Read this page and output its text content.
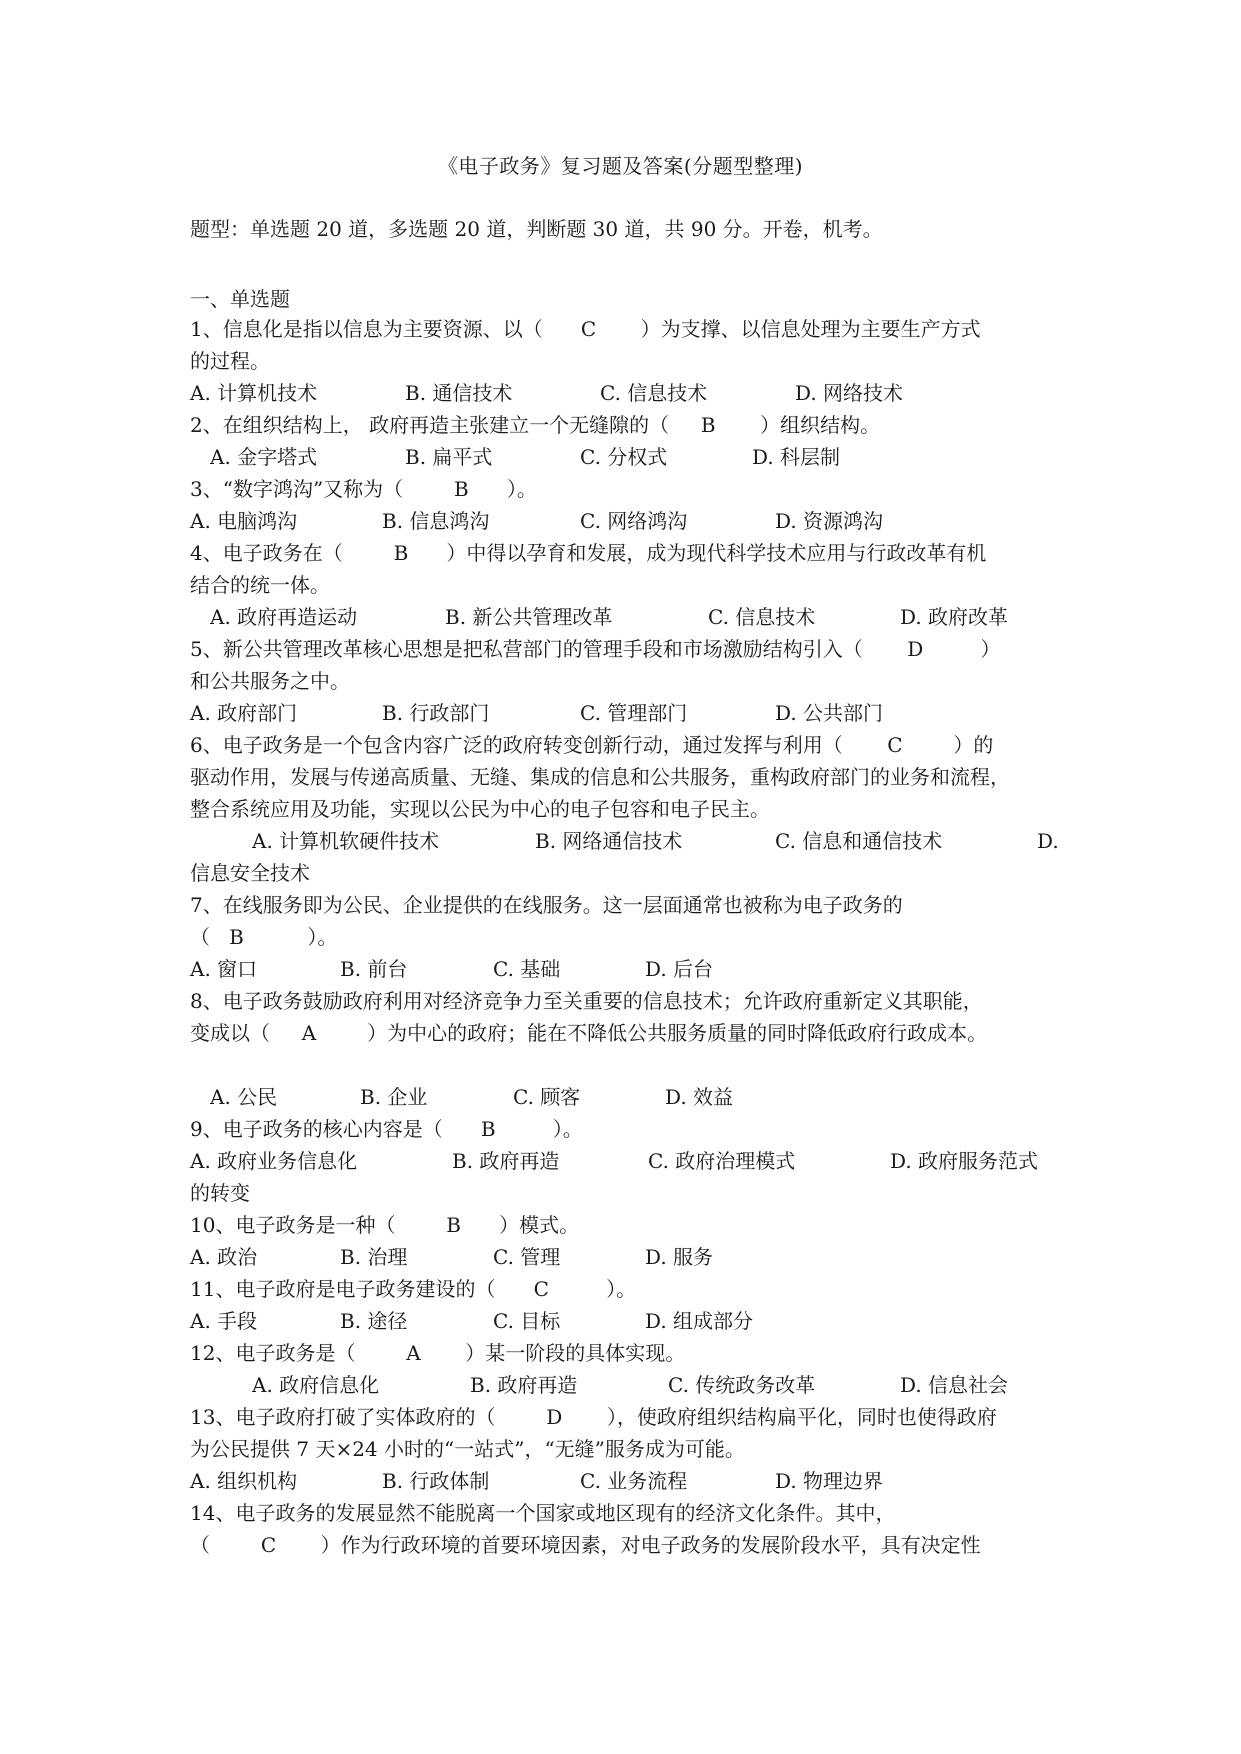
《电子政务》复习题及答案(分题型整理)
题型：单选题 20 道，多选题 20 道，判断题 30 道，共 90 分。开卷，机考。
一、单选题
1、信息化是指以信息为主要资源、以（      C       ）为支撑、以信息处理为主要生产方式
的过程。
A. 计算机技术	B. 通信技术	C. 信息技术	D. 网络技术
2、在组织结构上， 政府再造主张建立一个无缝隙的（     B       ）组织结构。
A. 金字塔式	B. 扁平式	C. 分权式	D. 科层制
3、“数字鸿沟”又称为（        B      ）。
A. 电脑鸿沟	B. 信息鸿沟	C. 网络鸿沟	D. 资源鸿沟
4、电子政务在（        B      ）中得以孕育和发展，成为现代科学技术应用与行政改革有机
结合的统一体。
A. 政府再造运动	B. 新公共管理改革	C. 信息技术	D. 政府改革
5、新公共管理改革核心思想是把私营部门的管理手段和市场激励结构引入（       D         ）
和公共服务之中。
A. 政府部门	B. 行政部门	C. 管理部门	D. 公共部门
6、电子政务是一个包含内容广泛的政府转变创新行动，通过发挥与利用（       C        ）的
驱动作用，发展与传递高质量、无缝、集成的信息和公共服务，重构政府部门的业务和流程，
整合系统应用及功能，实现以公民为中心的电子包容和电子民主。
A. 计算机软硬件技术	B. 网络通信技术	C. 信息和通信技术	D.
信息安全技术
7、在线服务即为公民、企业提供的在线服务。这一层面通常也被称为电子政务的
（   B          ）。
A. 窗口	B. 前台	C. 基础	D. 后台
8、电子政务鼓励政府利用对经济竞争力至关重要的信息技术；允许政府重新定义其职能，
变成以（     A        ）为中心的政府；能在不降低公共服务质量的同时降低政府行政成本。
A. 公民	B. 企业	C. 顾客	D. 效益
9、电子政务的核心内容是（      B         ）。
A. 政府业务信息化	B. 政府再造	C. 政府治理模式	D. 政府服务范式
的转变
10、电子政务是一种（        B      ）模式。
A. 政治	B. 治理	C. 管理	D. 服务
11、电子政府是电子政务建设的（      C         ）。
A. 手段	B. 途径	C. 目标	D. 组成部分
12、电子政务是（        A       ）某一阶段的具体实现。
A. 政府信息化	B. 政府再造	C. 传统政务改革	D. 信息社会
13、电子政府打破了实体政府的（        D       ），使政府组织结构扁平化，同时也使得政府
为公民提供 7 天×24 小时的“一站式”，“无缝”服务成为可能。
A. 组织机构	B. 行政体制	C. 业务流程	D. 物理边界
14、电子政务的发展显然不能脱离一个国家或地区现有的经济文化条件。其中，
（        C       ）作为行政环境的首要环境因素，对电子政务的发展阶段水平，具有决定性
